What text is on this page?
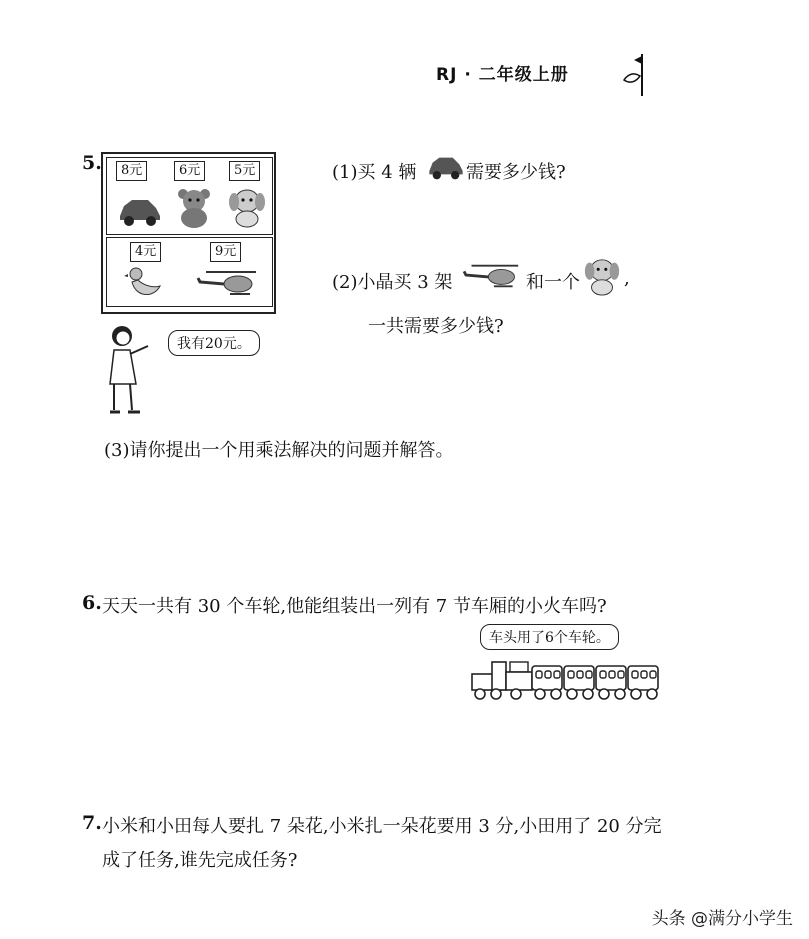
RJ · 二年级上册
5.	8元	6元	5元
4元	9元
我有20元。
(1)买 4 辆	需要多少钱?
(2)小晶买 3 架	和一个 ,
一共需要多少钱?
(3)请你提出一个用乘法解决的问题并解答。
6. 天天一共有 30 个车轮,他能组装出一列有 7 节车厢的小火车吗?
车头用了6个车轮。
7. 小米和小田每人要扎 7 朵花,小米扎一朵花要用 3 分,小田用了 20 分完
成了任务,谁先完成任务?
头条 @满分小学生
